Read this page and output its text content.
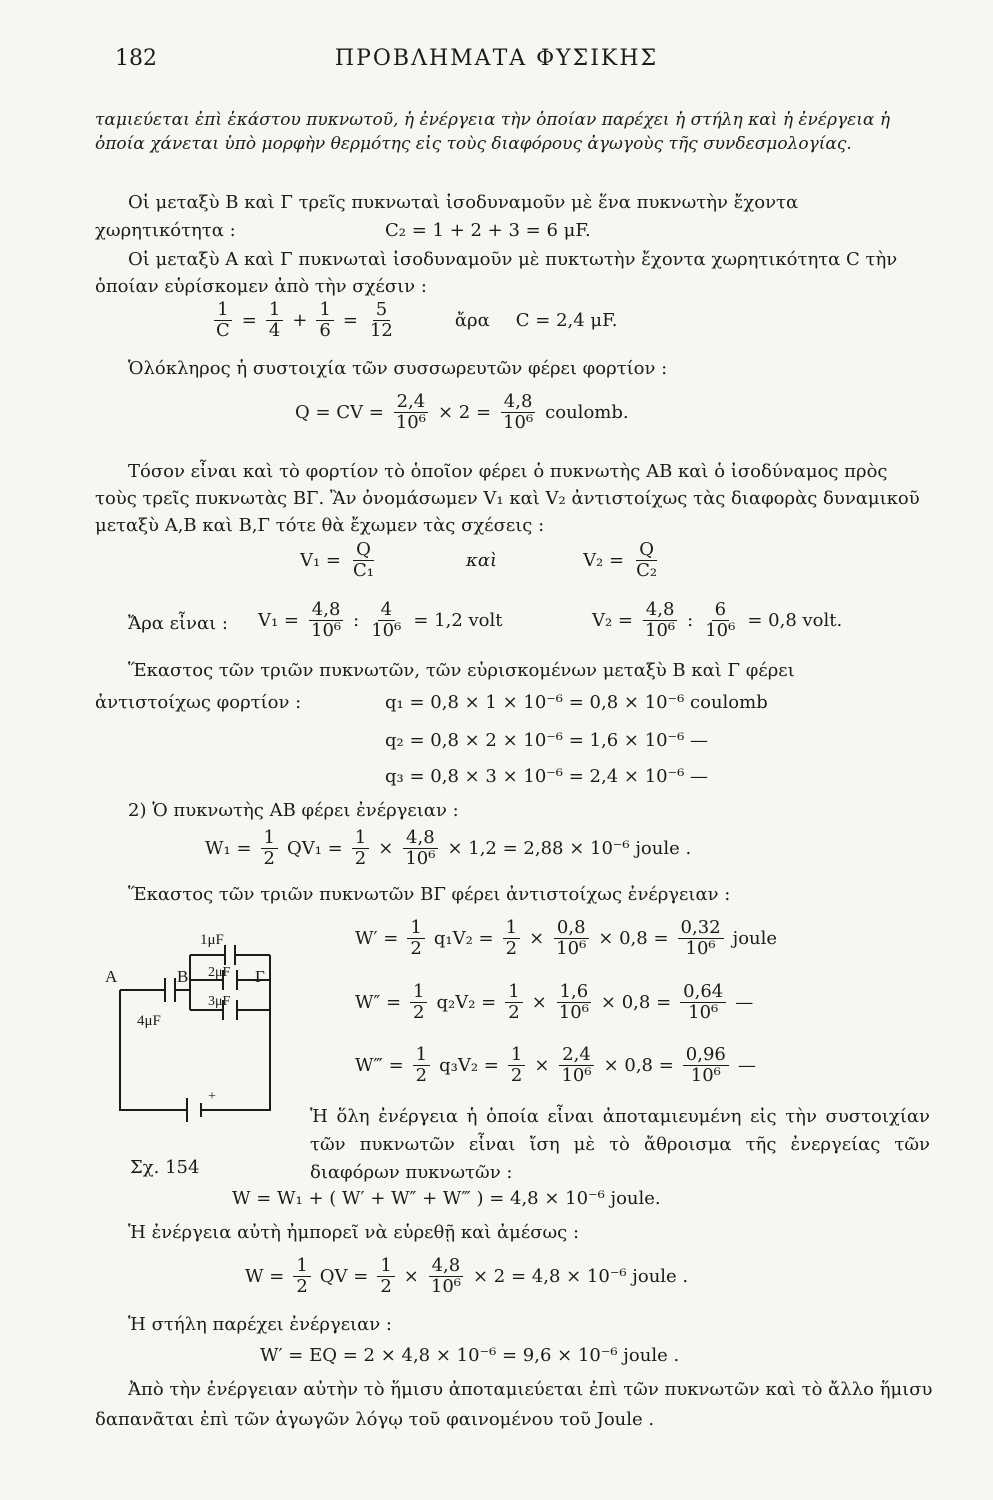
182	ΠΡΟΒΛΗΜΑΤΑ ΦΥΣΙΚΗΣ
ταμιεύεται ἐπὶ ἑκάστου πυκνωτοῦ, ἡ ἐνέργεια τὴν ὁποίαν παρέχει ἡ στήλη καὶ ἡ ἐνέργεια ἡ ὁποία χάνεται ὑπὸ μορφὴν θερμότης εἰς τοὺς διαφόρους ἀγωγοὺς τῆς συνδεσμολογίας.
Οἱ μεταξὺ Β καὶ Γ τρεῖς πυκνωταὶ ἰσοδυναμοῦν μὲ ἕνα πυκνωτὴν ἔχοντα
χωρητικότητα :	C₂ = 1 + 2 + 3 = 6 μF.
Οἱ μεταξὺ Α καὶ Γ πυκνωταὶ ἰσοδυναμοῦν μὲ πυκτωτὴν ἔχοντα χωρητικότητα C τὴν ὁποίαν εὑρίσκομεν ἀπὸ τὴν σχέσιν :
$\frac{1}{C} = \frac{1}{4} + \frac{1}{6} = \frac{5}{12}$	ἄρα C = 2,4 μF.
Ὁλόκληρος ἡ συστοιχία τῶν συσσωρευτῶν φέρει φορτίον :
Q = CV = $\frac{2,4}{\text{10⁶}} \times 2 = \frac{4,8}{\text{10⁶}}$ coulomb.
Τόσον εἶναι καὶ τὸ φορτίον τὸ ὁποῖον φέρει ὁ πυκνωτὴς ΑΒ καὶ ὁ ἰσοδύναμος πρὸς τοὺς τρεῖς πυκνωτὰς ΒΓ. Ἂν ὀνομάσωμεν V₁ καὶ V₂ ἀντιστοίχως τὰς διαφορὰς δυναμικοῦ μεταξὺ Α,Β καὶ Β,Γ τότε θὰ ἔχωμεν τὰς σχέσεις :
$V_1 = \frac{Q}{\text{C₁}}$	καὶ	$V_2 = \frac{Q}{\text{C₂}}$
Ἄρα εἶναι : $V_1 = \frac{4,8}{\text{10⁶}}$ : $\frac{4}{\text{10⁶}} = 1,2$ volt	$V_2 = \frac{4,8}{\text{10⁶}}$ : $\frac{6}{\text{10⁶}} = 0,8$ volt.
Ἕκαστος τῶν τριῶν πυκνωτῶν, τῶν εὑρισκομένων μεταξὺ Β καὶ Γ φέρει
ἀντιστοίχως φορτίον :	q₁ = 0,8 × 1 × 10⁻⁶ = 0,8 × 10⁻⁶ coulomb
q₂ = 0,8 × 2 × 10⁻⁶ = 1,6 × 10⁻⁶ —
q₃ = 0,8 × 3 × 10⁻⁶ = 2,4 × 10⁻⁶ —
2) Ὁ πυκνωτὴς ΑΒ φέρει ἐνέργειαν :
$W_1 = \frac{1}{2} QV_1 = \frac{1}{2} \times \frac{4,8}{\text{10⁶}} \times 1,2 = 2,88 \times 10^{-6}$ joule .
Ἕκαστος τῶν τριῶν πυκνωτῶν ΒΓ φέρει ἀντιστοίχως ἐνέργειαν :
$W' = \frac{1}{2} q_1V_2 = \frac{1}{2} \times \frac{0,8}{\text{10⁶}} \times 0,8 = \frac{0,32}{\text{10⁶}}$ joule
$W'' = \frac{1}{2} q_2V_2 = \frac{1}{2} \times \frac{1,6}{\text{10⁶}} \times 0,8 = \frac{0,64}{\text{10⁶}}$ —
W‴ = $\frac{1}{2} q_3V_2 = \frac{1}{2} \times \frac{2,4}{\text{10⁶}} \times 0,8 = \frac{0,96}{\text{10⁶}}$ —
1μF
2μF
3μF
4μF
A	B	Γ
+
Ἡ ὅλη ἐνέργεια ἡ ὁποία εἶναι ἀποταμιευμένη εἰς τὴν συστοιχίαν τῶν πυκνωτῶν εἶναι ἴση μὲ τὸ ἄθροισμα τῆς ἐνεργείας τῶν διαφόρων πυκνωτῶν :
Σχ. 154
W = W₁ + ( W′ + W″ + W‴ ) = 4,8 × 10⁻⁶ joule.
Ἡ ἐνέργεια αὐτὴ ἠμπορεῖ νὰ εὑρεθῇ καὶ ἀμέσως :
$W = \frac{1}{2}$ QV = $\frac{1}{2} \times \frac{4,8}{\text{10⁶}} \times 2 = 4,8 \times 10^{-6}$ joule .
Ἡ στήλη παρέχει ἐνέργειαν :
W′ = EQ = 2 × 4,8 × 10⁻⁶ = 9,6 × 10⁻⁶ joule .
Ἀπὸ τὴν ἐνέργειαν αὐτὴν τὸ ἥμισυ ἀποταμιεύεται ἐπὶ τῶν πυκνωτῶν καὶ τὸ ἄλλο ἥμισυ δαπανᾶται ἐπὶ τῶν ἀγωγῶν λόγῳ τοῦ φαινομένου τοῦ Joule .
